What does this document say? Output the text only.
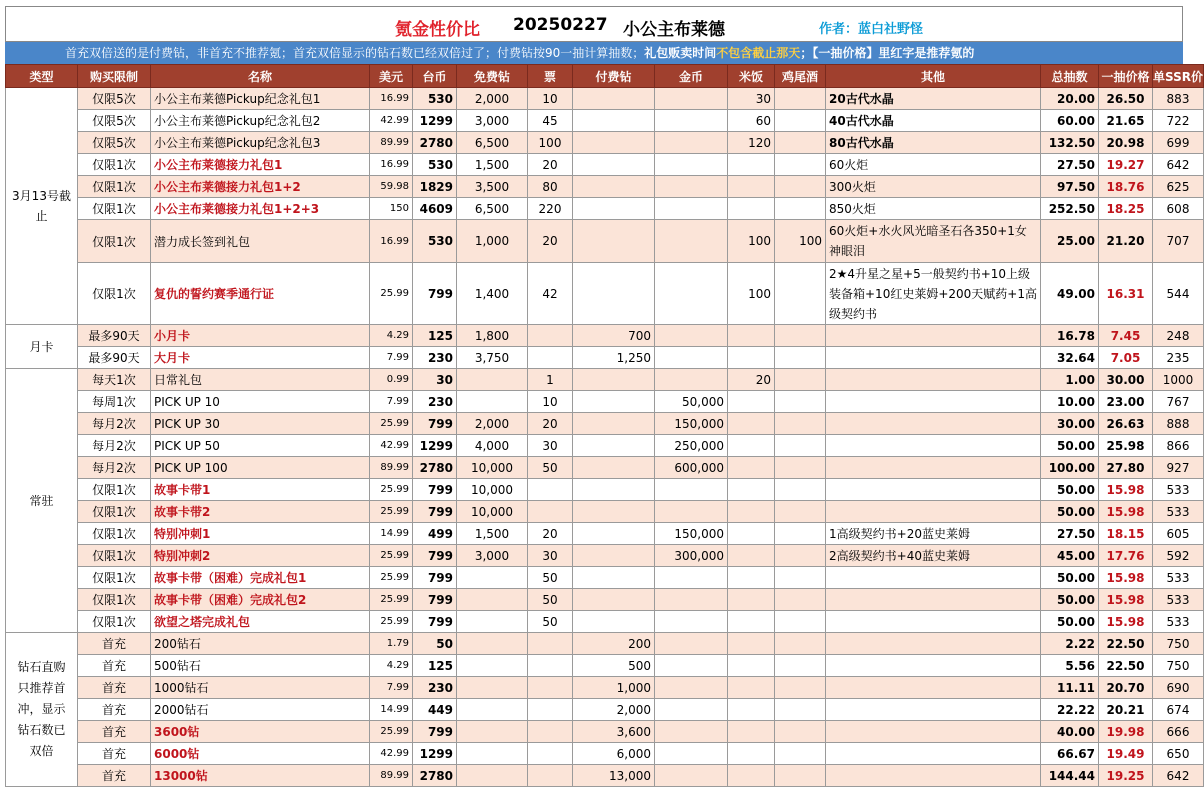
氪金性价比 20250227 小公主布莱德	作者：蓝白社野怪
首充双倍送的是付费钻，非首充不推荐氪；首充双倍显示的钻石数已经双倍过了；付费钻按90一抽计算抽数；礼包贩卖时间不包含截止那天；【一抽价格】里红字是推荐氪的
类型	购买限制	名称	美元	台币	免费钻	票	付费钻	金币	米饭	鸡尾酒	其他	总抽数	一抽价格	单SSR价
3月13号截止	仅限5次	小公主布莱德Pickup纪念礼包1	16.99	530	2,000	10			30		20古代水晶	20.00	26.50	883
	仅限5次	小公主布莱德Pickup纪念礼包2	42.99	1299	3,000	45			60		40古代水晶	60.00	21.65	722
	仅限5次	小公主布莱德Pickup纪念礼包3	89.99	2780	6,500	100			120		80古代水晶	132.50	20.98	699
	仅限1次	小公主布莱德接力礼包1	16.99	530	1,500	20					60火炬	27.50	19.27	642
	仅限1次	小公主布莱德接力礼包1+2	59.98	1829	3,500	80					300火炬	97.50	18.76	625
	仅限1次	小公主布莱德接力礼包1+2+3	150	4609	6,500	220					850火炬	252.50	18.25	608
	仅限1次	潜力成长签到礼包	16.99	530	1,000	20			100	100	60火炬+水火风光暗圣石各350+1女神眼泪	25.00	21.20	707
	仅限1次	复仇的誓约赛季通行证	25.99	799	1,400	42			100		2★4升星之星+5一般契约书+10上级装备箱+10红史莱姆+200天赋药+1高级契约书	49.00	16.31	544
月卡	最多90天	小月卡	4.29	125	1,800		700					16.78	7.45	248
	最多90天	大月卡	7.99	230	3,750		1,250					32.64	7.05	235
常驻	每天1次	日常礼包	0.99	30		1			20			1.00	30.00	1000
	每周1次	PICK UP 10	7.99	230		10		50,000				10.00	23.00	767
	每月2次	PICK UP 30	25.99	799	2,000	20		150,000				30.00	26.63	888
	每月2次	PICK UP 50	42.99	1299	4,000	30		250,000				50.00	25.98	866
	每月2次	PICK UP 100	89.99	2780	10,000	50		600,000				100.00	27.80	927
	仅限1次	故事卡带1	25.99	799	10,000							50.00	15.98	533
	仅限1次	故事卡带2	25.99	799	10,000							50.00	15.98	533
	仅限1次	特别冲刺1	14.99	499	1,500	20		150,000			1高级契约书+20蓝史莱姆	27.50	18.15	605
	仅限1次	特别冲刺2	25.99	799	3,000	30		300,000			2高级契约书+40蓝史莱姆	45.00	17.76	592
	仅限1次	故事卡带（困难）完成礼包1	25.99	799		50						50.00	15.98	533
	仅限1次	故事卡带（困难）完成礼包2	25.99	799		50						50.00	15.98	533
	仅限1次	欲望之塔完成礼包	25.99	799		50						50.00	15.98	533
钻石直购只推荐首冲，显示钻石数已双倍	首充	200钻石	1.79	50			200					2.22	22.50	750
	首充	500钻石	4.29	125			500					5.56	22.50	750
	首充	1000钻石	7.99	230			1,000					11.11	20.70	690
	首充	2000钻石	14.99	449			2,000					22.22	20.21	674
	首充	3600钻	25.99	799			3,600					40.00	19.98	666
	首充	6000钻	42.99	1299			6,000					66.67	19.49	650
	首充	13000钻	89.99	2780			13,000					144.44	19.25	642
